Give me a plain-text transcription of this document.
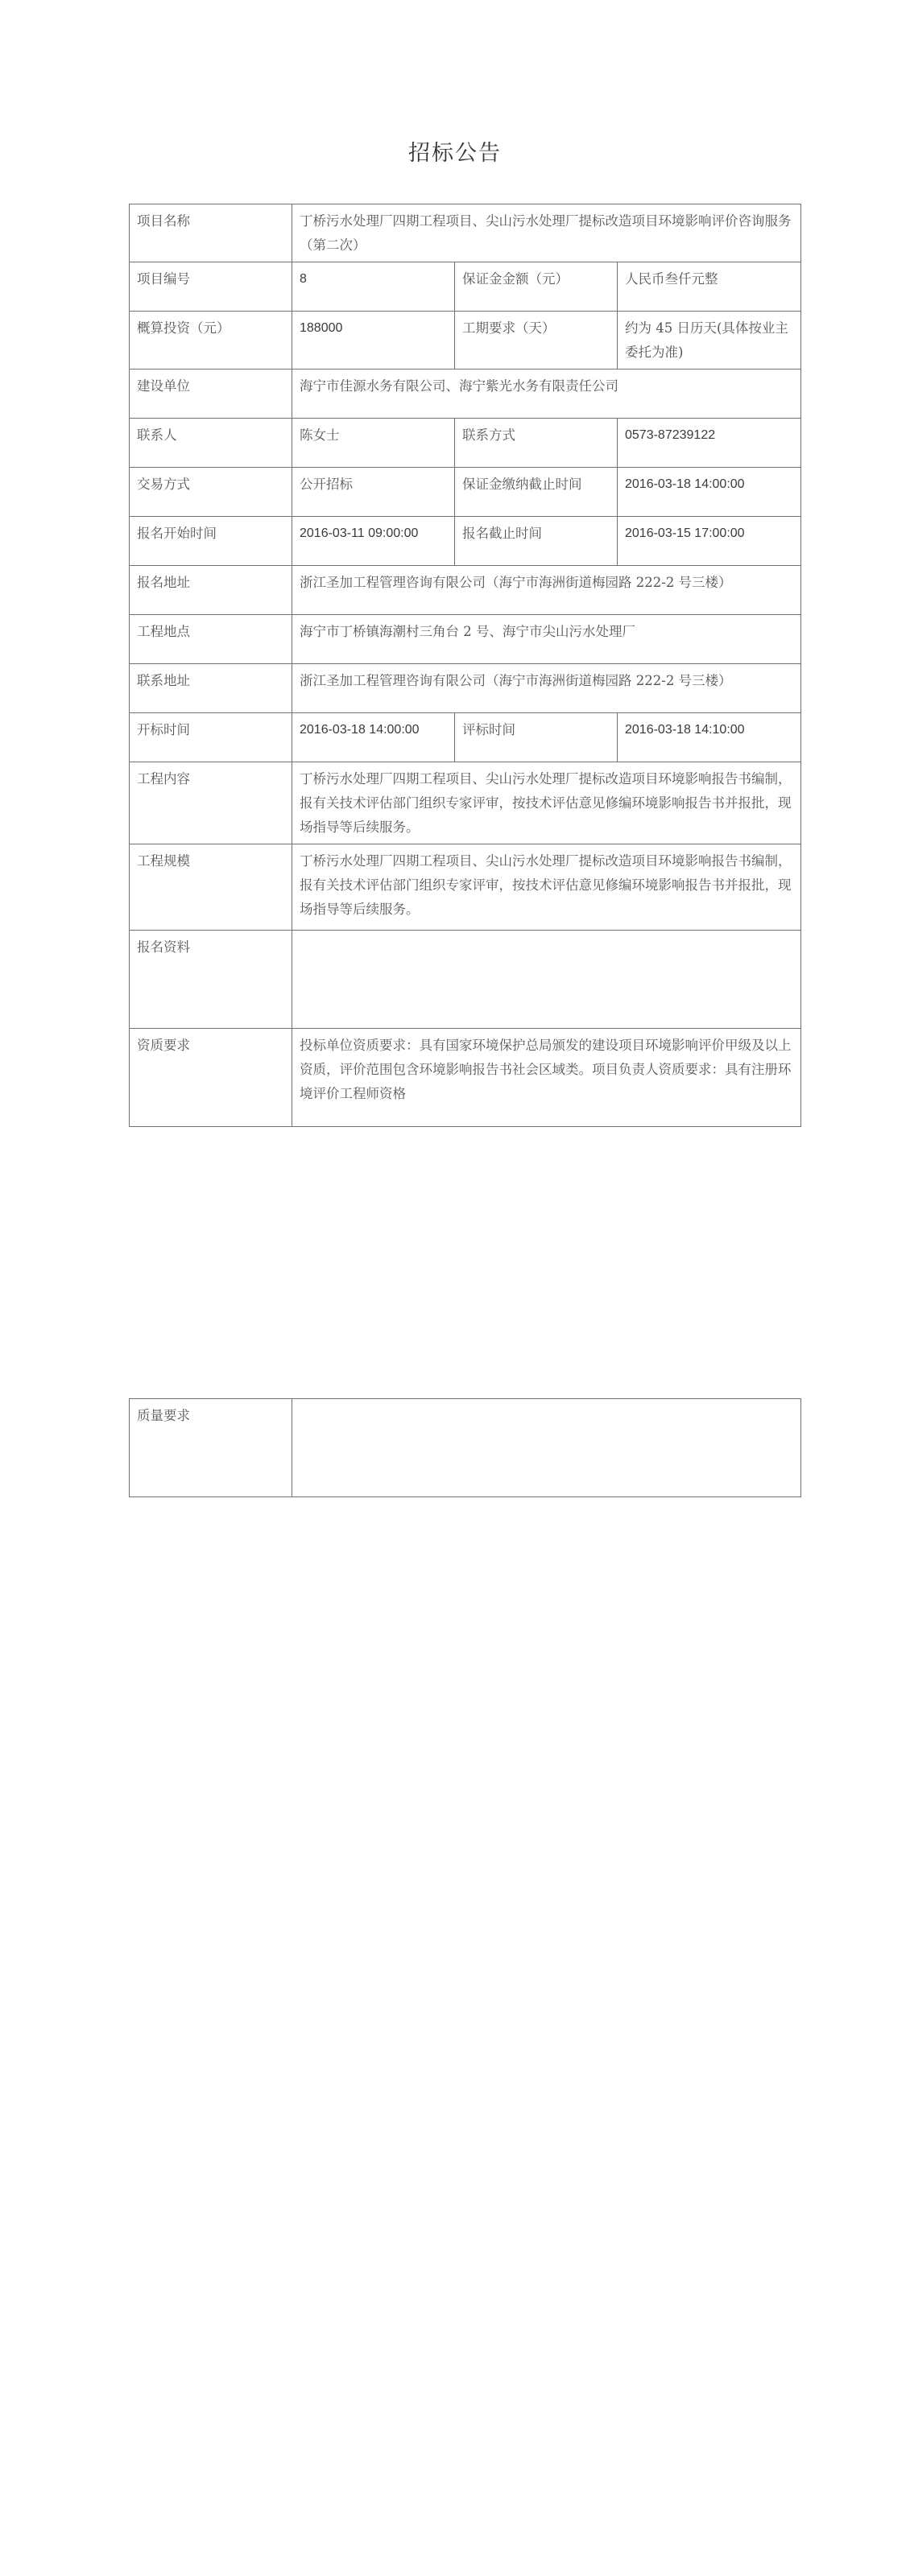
招标公告
项目名称	丁桥污水处理厂四期工程项目、尖山污水处理厂提标改造项目环境影响评价咨询服务（第二次）		
项目编号	8	保证金金额（元）	人民币叁仟元整
概算投资（元）	188000	工期要求（天）	约为 45 日历天(具体按业主委托为准)
建设单位	海宁市佳源水务有限公司、海宁紫光水务有限责任公司		
联系人	陈女士	联系方式	0573-87239122
交易方式	公开招标	保证金缴纳截止时间	2016-03-18 14:00:00
报名开始时间	2016-03-11 09:00:00	报名截止时间	2016-03-15 17:00:00
报名地址	浙江圣加工程管理咨询有限公司（海宁市海洲街道梅园路 222-2 号三楼）		
工程地点	海宁市丁桥镇海潮村三角台 2 号、海宁市尖山污水处理厂		
联系地址	浙江圣加工程管理咨询有限公司（海宁市海洲街道梅园路 222-2 号三楼）		
开标时间	2016-03-18 14:00:00	评标时间	2016-03-18 14:10:00
工程内容	丁桥污水处理厂四期工程项目、尖山污水处理厂提标改造项目环境影响报告书编制，报有关技术评估部门组织专家评审，按技术评估意见修编环境影响报告书并报批，现场指导等后续服务。		
工程规模	丁桥污水处理厂四期工程项目、尖山污水处理厂提标改造项目环境影响报告书编制，报有关技术评估部门组织专家评审，按技术评估意见修编环境影响报告书并报批，现场指导等后续服务。		
报名资料			
资质要求	投标单位资质要求：具有国家环境保护总局颁发的建设项目环境影响评价甲级及以上资质，评价范围包含环境影响报告书社会区域类。项目负责人资质要求：具有注册环境评价工程师资格		
质量要求	
